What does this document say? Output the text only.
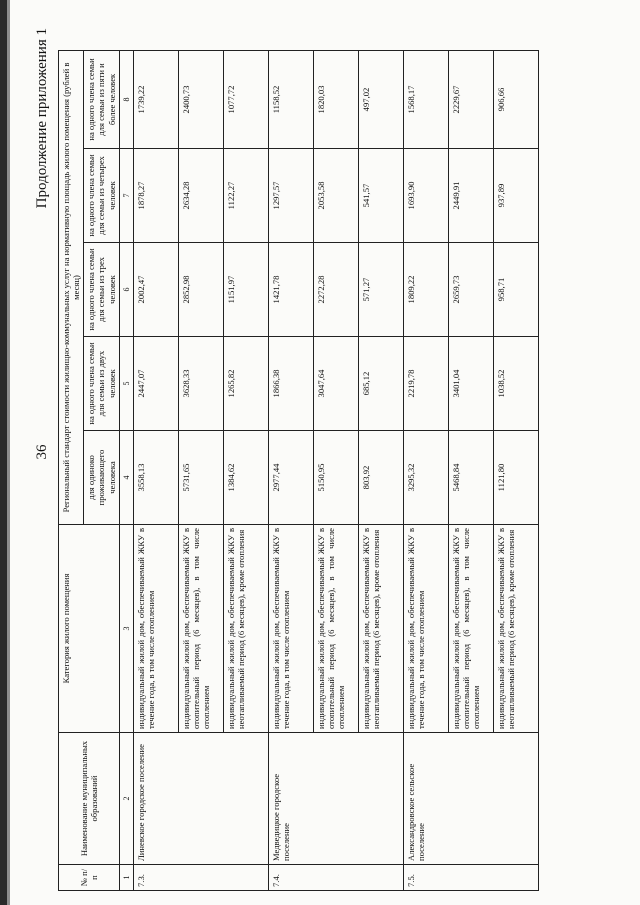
36
Продолжение приложения 1
№ п/п	Наименование муниципальных образований	Категория жилого помещения	Региональный стандарт стоимости жилищно-коммунальных услуг на нормативную площадь жилого помещения (рублей в месяц)				
			для одиноко проживающего человека	на одного члена семьи для семьи из двух человек	на одного члена семьи для семьи из трех человек	на одного члена семьи для семьи из четырех человек	на одного члена семьи для семьи из пяти и более человек

1	2	3	4	5	6	7	8
7.3.	Линевское городское поселение	индивидуальный жилой дом, обеспечиваемый ЖКУ в течение года, в том числе отоплением	3558,13	2447,07	2002,47	1878,27	1739,22
		индивидуальный жилой дом, обеспечиваемый ЖКУ в отопительный период (6 месяцев), в том числе отоплением	5731,65	3628,33	2852,98	2634,28	2400,73
		индивидуальный жилой дом, обеспечиваемый ЖКУ в неотапливаемый период (6 месяцев), кроме отопления	1384,62	1265,82	1151,97	1122,27	1077,72
7.4.	Медведицкое городское поселение	индивидуальный жилой дом, обеспечиваемый ЖКУ в течение года, в том числе отоплением	2977,44	1866,38	1421,78	1297,57	1158,52
		индивидуальный жилой дом, обеспечиваемый ЖКУ в отопительный период (6 месяцев), в том числе отоплением	5150,95	3047,64	2272,28	2053,58	1820,03
		индивидуальный жилой дом, обеспечиваемый ЖКУ в неотапливаемый период (6 месяцев), кроме отопления	803,92	685,12	571,27	541,57	497,02
7.5.	Александровское сельское поселение	индивидуальный жилой дом, обеспечиваемый ЖКУ в течение года, в том числе отоплением	3295,32	2219,78	1809,22	1693,90	1568,17
		индивидуальный жилой дом, обеспечиваемый ЖКУ в отопительный период (6 месяцев), в том числе отоплением	5468,84	3401,04	2659,73	2449,91	2229,67
		индивидуальный жилой дом, обеспечиваемый ЖКУ в неотапливаемый период (6 месяцев), кроме отопления	1121,80	1038,52	958,71	937,89	906,66
